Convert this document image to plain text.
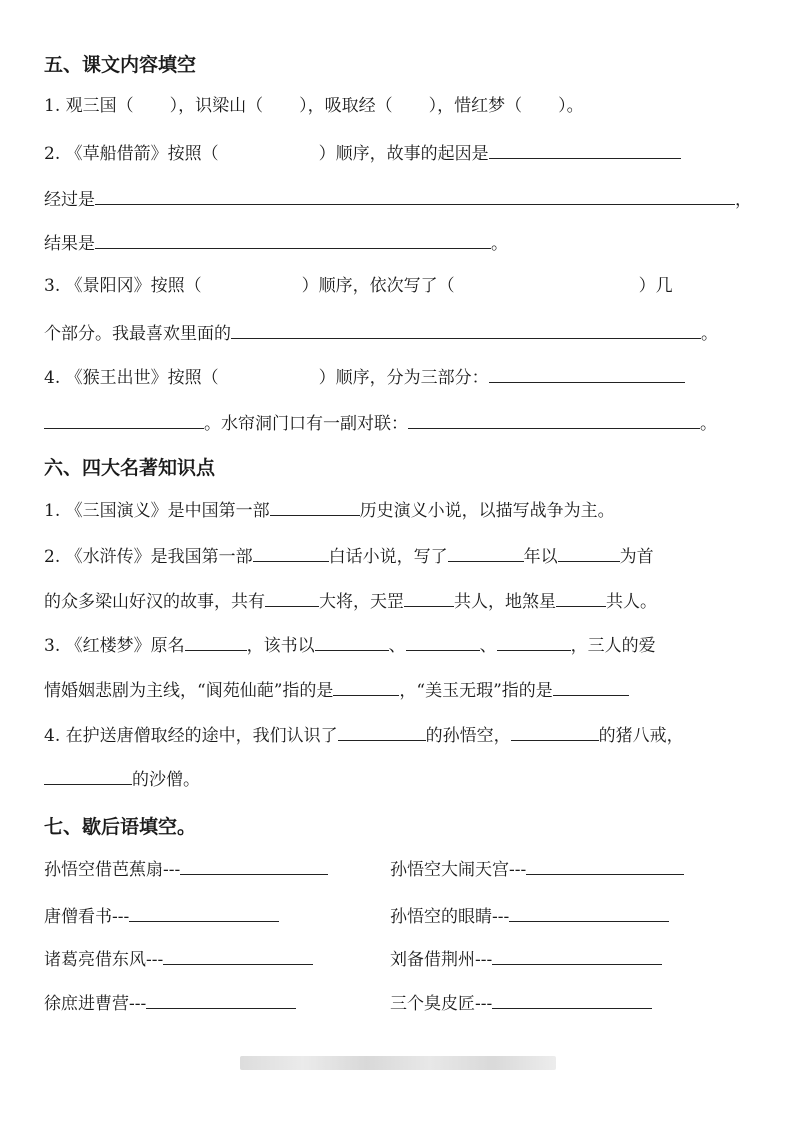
五、课文内容填空
1. 观三国（ ），识梁山（ ），吸取经（ ），惜红梦（ ）。
2. 《草船借箭》按照（	）顺序，故事的起因是
经过是	，
结果是	。
3. 《景阳冈》按照（	）顺序，依次写了（	）几
个部分。我最喜欢里面的	。
4. 《猴王出世》按照（	）顺序，分为三部分：
。水帘洞门口有一副对联：	。
六、四大名著知识点
1. 《三国演义》是中国第一部	历史演义小说，以描写战争为主。
2. 《水浒传》是我国第一部	白话小说，写了	年以	为首
的众多梁山好汉的故事，共有	大将，天罡	共人，地煞星	共人。
3. 《红楼梦》原名	，该书以	、	、	，三人的爱
情婚姻悲剧为主线，“阆苑仙葩”指的是	，“美玉无瑕”指的是
4. 在护送唐僧取经的途中，我们认识了	的孙悟空，	的猪八戒，
的沙僧。
七、歇后语填空。
孙悟空借芭蕉扇---	孙悟空大闹天宫---
唐僧看书---	孙悟空的眼睛---
诸葛亮借东风---	刘备借荆州---
徐庶进曹营---	三个臭皮匠---
